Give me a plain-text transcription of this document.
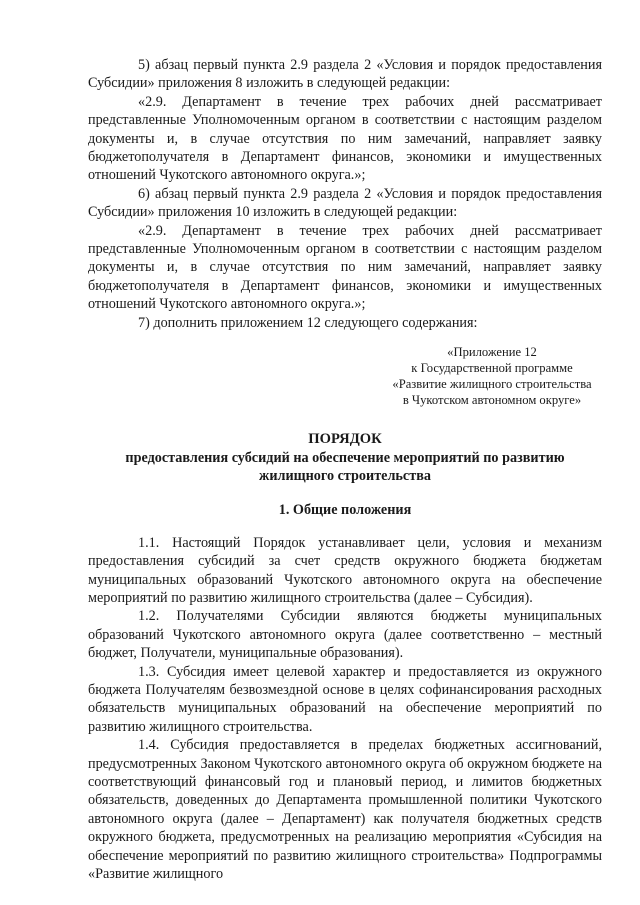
5) абзац первый пункта 2.9 раздела 2 «Условия и порядок предоставления Субсидии» приложения 8 изложить в следующей редакции:

«2.9. Департамент в течение трех рабочих дней рассматривает представленные Уполномоченным органом в соответствии с настоящим разделом документы и, в случае отсутствия по ним замечаний, направляет заявку бюджетополучателя в Департамент финансов, экономики и имущественных отношений Чукотского автономного округа.»;

6) абзац первый пункта 2.9 раздела 2 «Условия и порядок предоставления Субсидии» приложения 10 изложить в следующей редакции:

«2.9. Департамент в течение трех рабочих дней рассматривает представленные Уполномоченным органом в соответствии с настоящим разделом документы и, в случае отсутствия по ним замечаний, направляет заявку бюджетополучателя в Департамент финансов, экономики и имущественных отношений Чукотского автономного округа.»;

7) дополнить приложением 12 следующего содержания:

«Приложение 12
к Государственной программе
«Развитие жилищного строительства
в Чукотском автономном округе»
ПОРЯДОК
предоставления субсидий на обеспечение мероприятий по развитию жилищного строительства
1. Общие положения

1.1. Настоящий Порядок устанавливает цели, условия и механизм предоставления субсидий за счет средств окружного бюджета бюджетам муниципальных образований Чукотского автономного округа на обеспечение мероприятий по развитию жилищного строительства (далее – Субсидия).

1.2. Получателями Субсидии являются бюджеты муниципальных образований Чукотского автономного округа (далее соответственно – местный бюджет, Получатели, муниципальные образования).

1.3. Субсидия имеет целевой характер и предоставляется из окружного бюджета Получателям безвозмездной основе в целях софинансирования расходных обязательств муниципальных образований на обеспечение мероприятий по развитию жилищного строительства.

1.4. Субсидия предоставляется в пределах бюджетных ассигнований, предусмотренных Законом Чукотского автономного округа об окружном бюджете на соответствующий финансовый год и плановый период, и лимитов бюджетных обязательств, доведенных до Департамента промышленной политики Чукотского автономного округа (далее – Департамент) как получателя бюджетных средств окружного бюджета, предусмотренных на реализацию мероприятия «Субсидия на обеспечение мероприятий по развитию жилищного строительства» Подпрограммы «Развитие жилищного
